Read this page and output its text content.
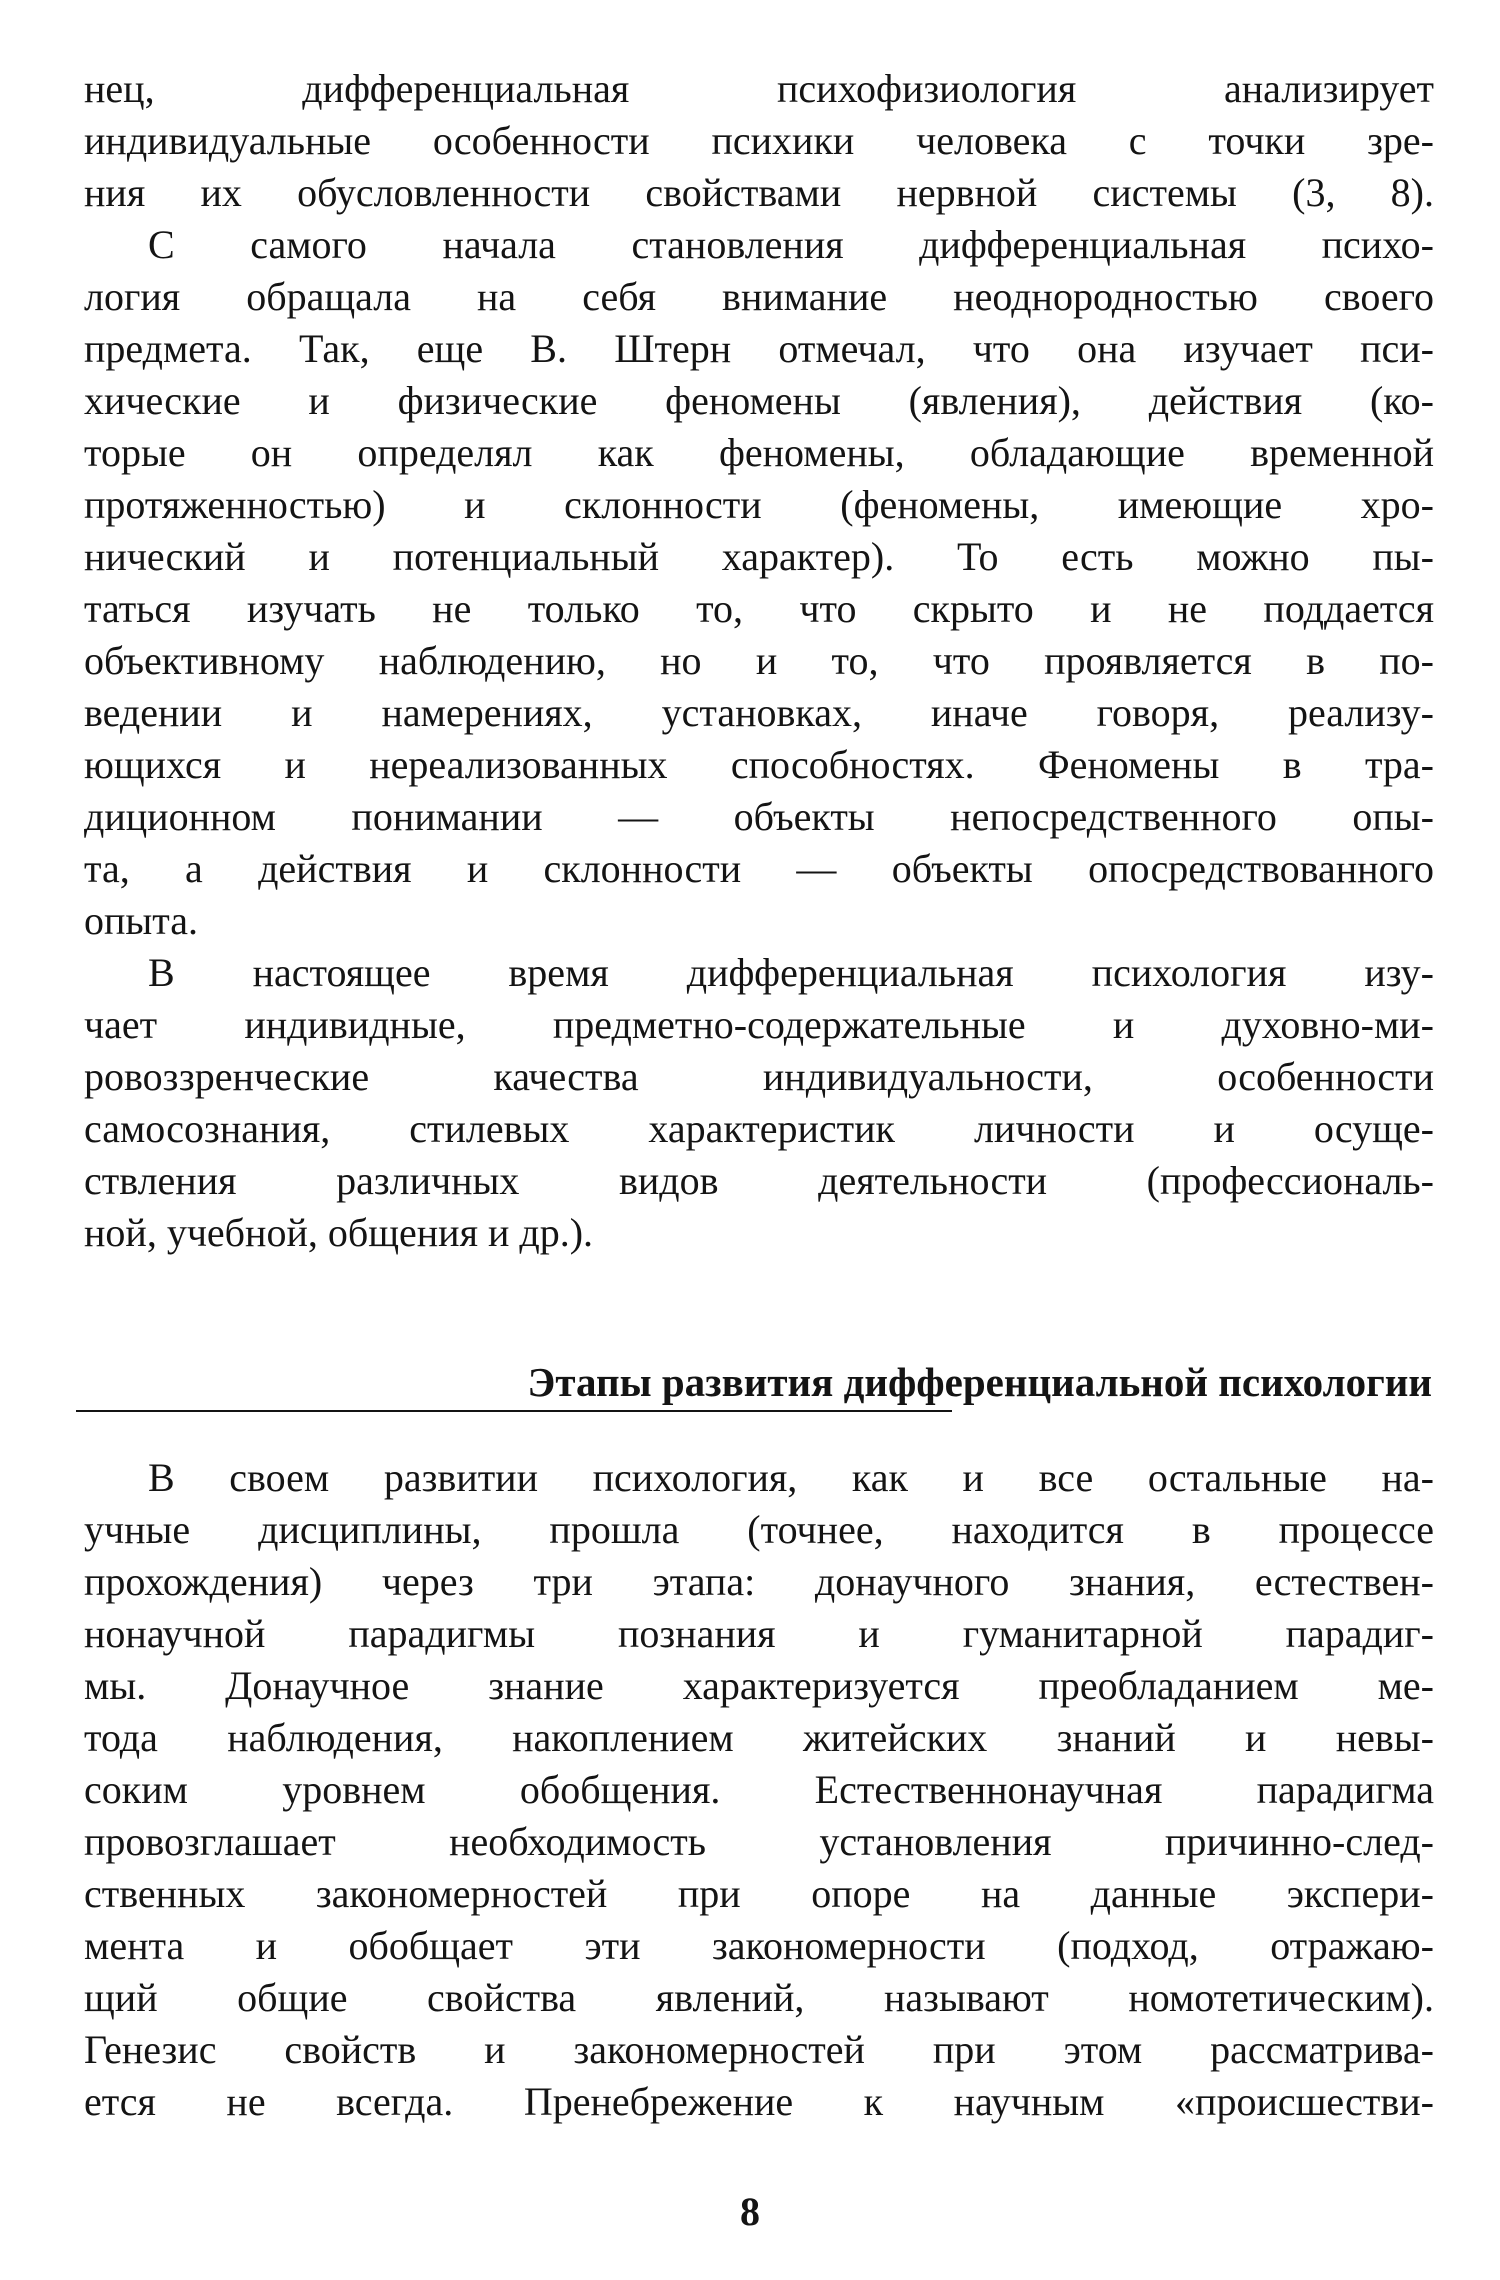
нец, дифференциальная психофизиология анализирует
индивидуальные особенности психики человека с точки зре-
ния их обусловленности свойствами нервной системы (3, 8).
С самого начала становления дифференциальная психо-
логия обращала на себя внимание неоднородностью своего
предмета. Так, еще В. Штерн отмечал, что она изучает пси-
хические и физические феномены (явления), действия (ко-
торые он определял как феномены, обладающие временной
протяженностью) и склонности (феномены, имеющие хро-
нический и потенциальный характер). То есть можно пы-
таться изучать не только то, что скрыто и не поддается
объективному наблюдению, но и то, что проявляется в по-
ведении и намерениях, установках, иначе говоря, реализу-
ющихся и нереализованных способностях. Феномены в тра-
диционном понимании — объекты непосредственного опы-
та, а действия и склонности — объекты опосредствованного
опыта.
В настоящее время дифференциальная психология изу-
чает индивидные, предметно-содержательные и духовно-ми-
ровоззренческие качества индивидуальности, особенности
самосознания, стилевых характеристик личности и осуще-
ствления различных видов деятельности (профессиональ-
ной, учебной, общения и др.).
Этапы развития дифференциальной психологии
В своем развитии психология, как и все остальные на-
учные дисциплины, прошла (точнее, находится в процессе
прохождения) через три этапа: донаучного знания, естествен-
нонаучной парадигмы познания и гуманитарной парадиг-
мы. Донаучное знание характеризуется преобладанием ме-
тода наблюдения, накоплением житейских знаний и невы-
соким уровнем обобщения. Естественнонаучная парадигма
провозглашает необходимость установления причинно-след-
ственных закономерностей при опоре на данные экспери-
мента и обобщает эти закономерности (подход, отражаю-
щий общие свойства явлений, называют номотетическим).
Генезис свойств и закономерностей при этом рассматрива-
ется не всегда. Пренебрежение к научным «происшестви-
8
